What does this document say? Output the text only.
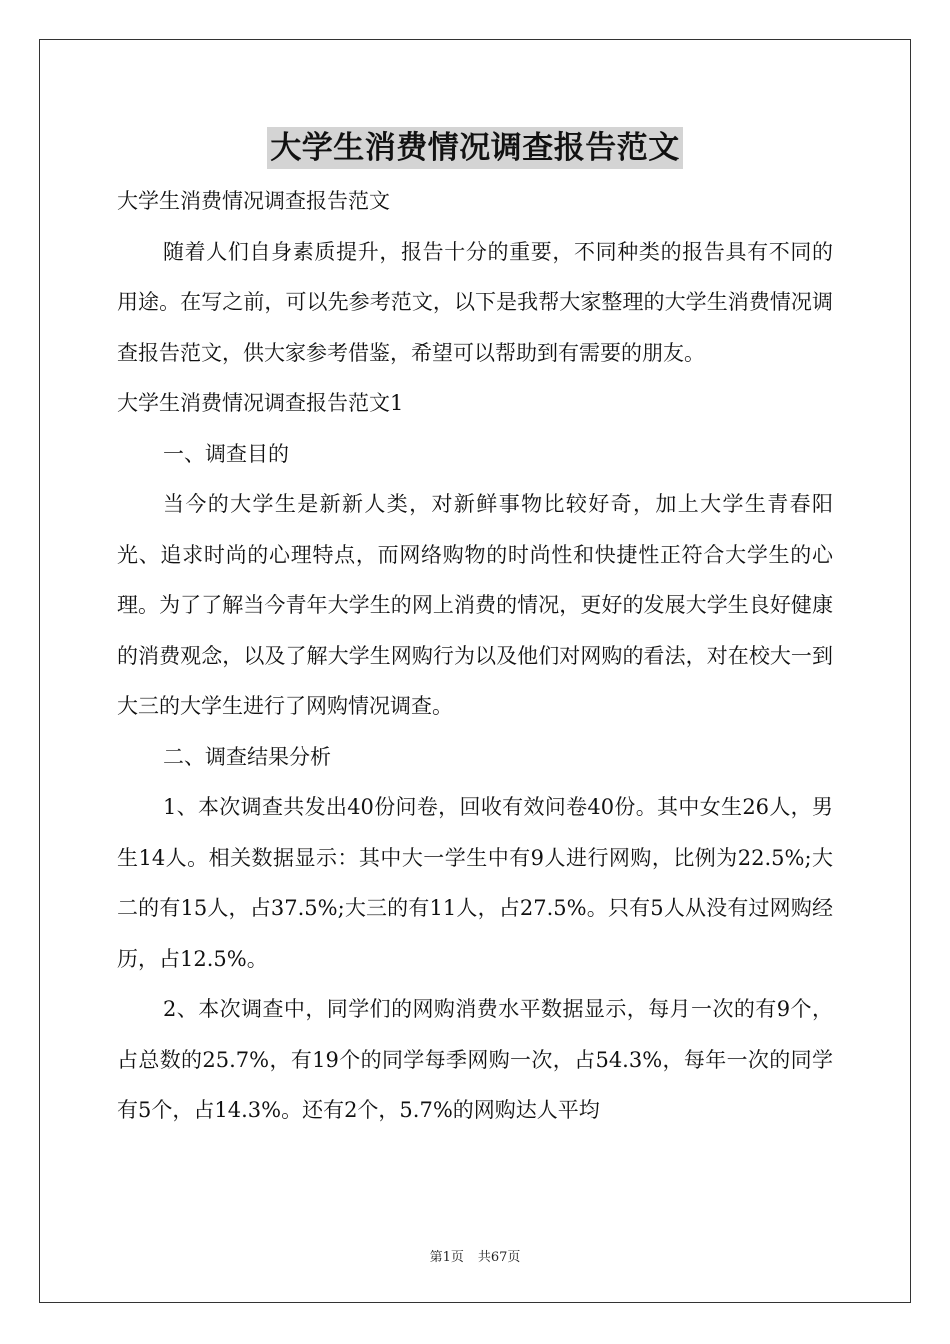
大学生消费情况调查报告范文

大学生消费情况调查报告范文

随着人们自身素质提升，报告十分的重要，不同种类的报告具有不同的用途。在写之前，可以先参考范文，以下是我帮大家整理的大学生消费情况调查报告范文，供大家参考借鉴，希望可以帮助到有需要的朋友。

大学生消费情况调查报告范文1

一、调查目的

当今的大学生是新新人类，对新鲜事物比较好奇，加上大学生青春阳光、追求时尚的心理特点，而网络购物的时尚性和快捷性正符合大学生的心理。为了了解当今青年大学生的网上消费的情况，更好的发展大学生良好健康的消费观念，以及了解大学生网购行为以及他们对网购的看法，对在校大一到大三的大学生进行了网购情况调查。

二、调查结果分析

1、本次调查共发出40份问卷，回收有效问卷40份。其中女生26人，男生14人。相关数据显示：其中大一学生中有9人进行网购，比例为22.5%;大二的有15人，占37.5%;大三的有11人，占27.5%。只有5人从没有过网购经历，占12.5%。

2、本次调查中，同学们的网购消费水平数据显示，每月一次的有9个，占总数的25.7%，有19个的同学每季网购一次，占54.3%，每年一次的同学有5个，占14.3%。还有2个，5.7%的网购达人平均

第1页 共67页
